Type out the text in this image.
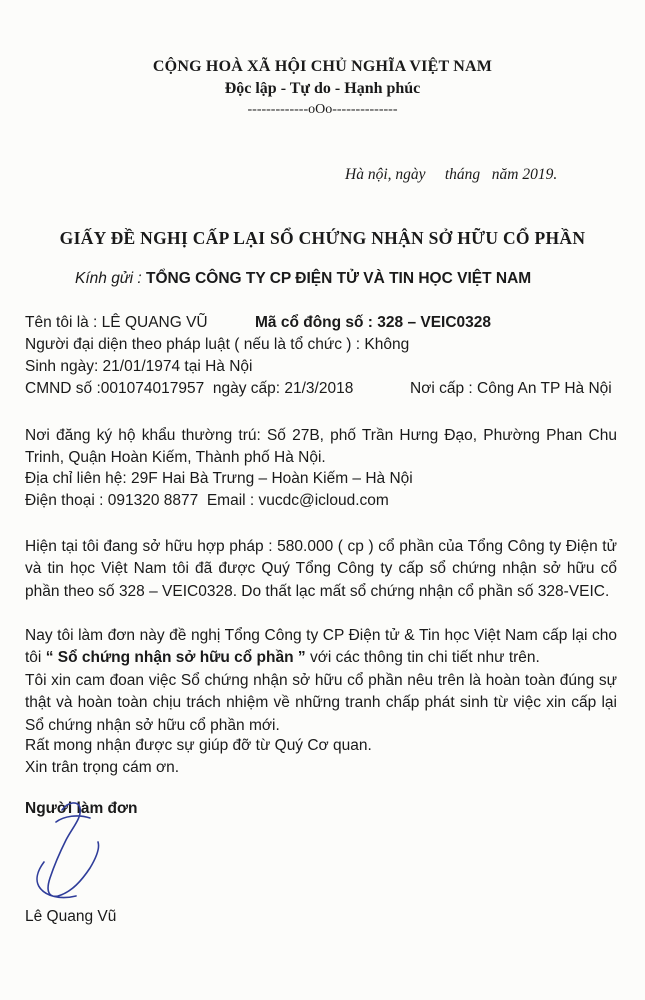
CỘNG HOÀ XÃ HỘI CHỦ NGHĨA VIỆT NAM
Độc lập - Tự do - Hạnh phúc
-------------oOo--------------
Hà nội, ngày     tháng   năm 2019.
GIẤY ĐỀ NGHỊ CẤP LẠI SỔ CHỨNG NHẬN SỞ HỮU CỔ PHẦN
Kính gửi : TỔNG CÔNG TY CP ĐIỆN TỬ VÀ TIN HỌC VIỆT NAM
Tên tôi là : LÊ QUANG VŨ	Mã cổ đông số : 328 – VEIC0328
Người đại diện theo pháp luật ( nếu là tổ chức ) : Không
Sinh ngày: 21/01/1974 tại Hà Nội
CMND số :001074017957  ngày cấp: 21/3/2018	Nơi cấp : Công An TP Hà Nội
Nơi đăng ký hộ khẩu thường trú: Số 27B, phố Trần Hưng Đạo, Phường Phan Chu Trinh, Quận Hoàn Kiếm, Thành phố Hà Nội.
Địa chỉ liên hệ: 29F Hai Bà Trưng – Hoàn Kiếm – Hà Nội
Điện thoại : 091320 8877  Email : vucdc@icloud.com
Hiện tại tôi đang sở hữu hợp pháp : 580.000 ( cp ) cổ phần của Tổng Công ty Điện tử và tin học Việt Nam tôi đã được Quý Tổng Công ty cấp sổ chứng nhận sở hữu cổ phần theo số 328 – VEIC0328. Do thất lạc mất sổ chứng nhận cổ phần số 328-VEIC.
Nay tôi làm đơn này đề nghị Tổng Công ty CP Điện tử & Tin học Việt Nam cấp lại cho tôi “ Sổ chứng nhận sở hữu cổ phần ” với các thông tin chi tiết như trên.
Tôi xin cam đoan việc Sổ chứng nhận sở hữu cổ phần nêu trên là hoàn toàn đúng sự thật và hoàn toàn chịu trách nhiệm về những tranh chấp phát sinh từ việc xin cấp lại Sổ chứng nhận sở hữu cổ phần mới.
Rất mong nhận được sự giúp đỡ từ Quý Cơ quan.
Xin trân trọng cám ơn.
Người làm đơn
Lê Quang Vũ
